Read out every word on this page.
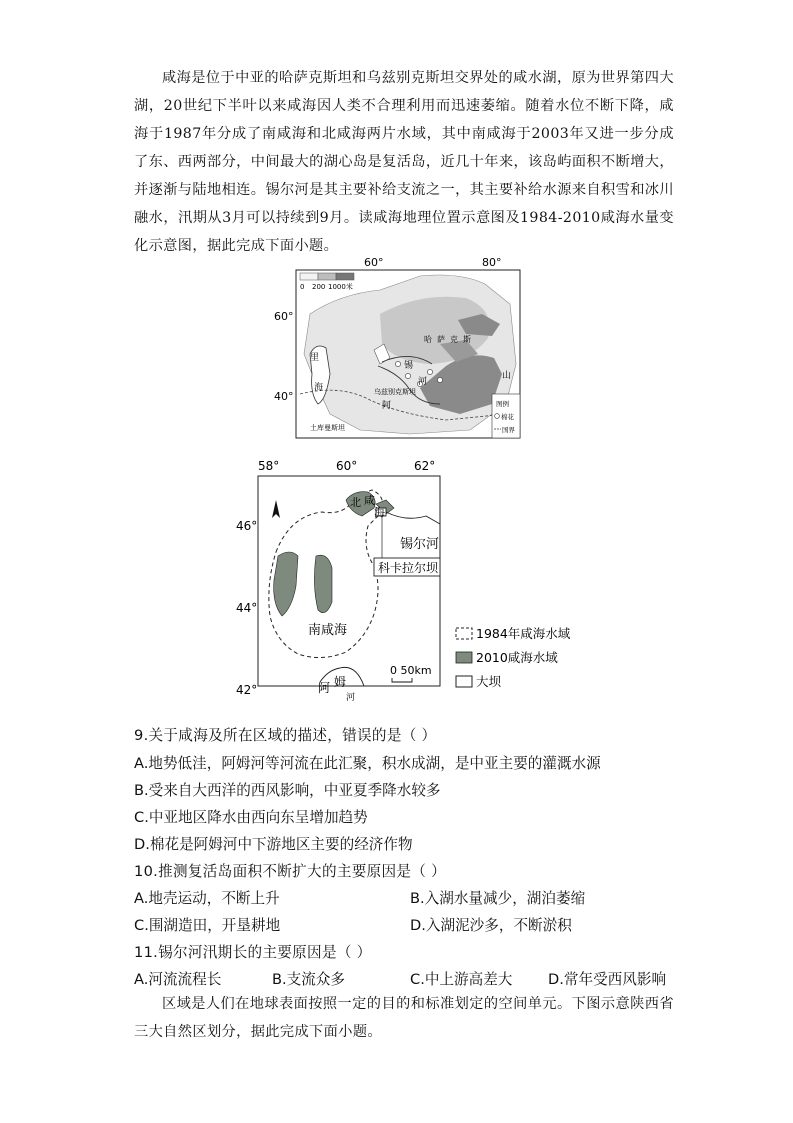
咸海是位于中亚的哈萨克斯坦和乌兹别克斯坦交界处的咸水湖，原为世界第四大湖，20世纪下半叶以来咸海因人类不合理利用而迅速萎缩。随着水位不断下降，咸海于1987年分成了南咸海和北咸海两片水域，其中南咸海于2003年又进一步分成了东、西两部分，中间最大的湖心岛是复活岛，近几十年来，该岛屿面积不断增大，并逐渐与陆地相连。锡尔河是其主要补给支流之一，其主要补给水源来自积雪和冰川融水，汛期从3月可以持续到9月。读咸海地理位置示意图及1984-2010咸海水量变化示意图，据此完成下面小题。
0 200 1000米
60°	80°
60°
40°
哈萨克斯
山
里
海
锡
河
乌兹别克斯坦
阿
土库曼斯坦
图例
棉花
国界
58°	60°	62°
46°
44°
42°
北 咸
海
锡尔河
科卡拉尔坝
南咸海
阿 姆
河
0 50km
1984年咸海水域
2010咸海水域
大坝
9.关于咸海及所在区域的描述，错误的是（ ）
A.地势低洼，阿姆河等河流在此汇聚，积水成湖，是中亚主要的灌溉水源
B.受来自大西洋的西风影响，中亚夏季降水较多
C.中亚地区降水由西向东呈增加趋势
D.棉花是阿姆河中下游地区主要的经济作物
10.推测复活岛面积不断扩大的主要原因是（ ）
A.地壳运动，不断上升	B.入湖水量减少，湖泊萎缩
C.围湖造田，开垦耕地	D.入湖泥沙多，不断淤积
11.锡尔河汛期长的主要原因是（ ）
A.河流流程长	B.支流众多	C.中上游高差大 D.常年受西风影响
区域是人们在地球表面按照一定的目的和标准划定的空间单元。下图示意陕西省三大自然区划分，据此完成下面小题。
